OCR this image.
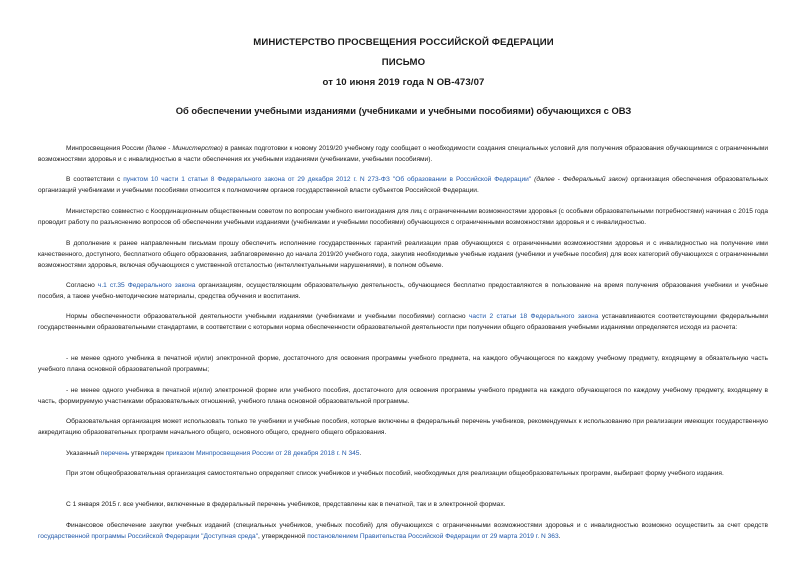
МИНИСТЕРСТВО ПРОСВЕЩЕНИЯ РОССИЙСКОЙ ФЕДЕРАЦИИ
ПИСЬМО
от 10 июня 2019 года N ОВ-473/07
Об обеспечении учебными изданиями (учебниками и учебными пособиями) обучающихся с ОВЗ

Минпросвещения России (далее - Министерство) в рамках подготовки к новому 2019/20 учебному году сообщает о необходимости создания специальных условий для получения образования обучающимися с ограниченными возможностями здоровья и с инвалидностью в части обеспечения их учебными изданиями (учебниками, учебными пособиями).

В соответствии с пунктом 10 части 1 статьи 8 Федерального закона от 29 декабря 2012 г. N 273-ФЗ "Об образовании в Российской Федерации" (далее - Федеральный закон) организация обеспечения образовательных организаций учебниками и учебными пособиями относится к полномочиям органов государственной власти субъектов Российской Федерации.

Министерство совместно с Координационным общественным советом по вопросам учебного книгоиздания для лиц с ограниченными возможностями здоровья (с особыми образовательными потребностями) начиная с 2015 года проводит работу по разъяснению вопросов об обеспечении учебными изданиями (учебниками и учебными пособиями) обучающихся с ограниченными возможностями здоровья и с инвалидностью.

В дополнение к ранее направленным письмам прошу обеспечить исполнение государственных гарантий реализации прав обучающихся с ограниченными возможностями здоровья и с инвалидностью на получение ими качественного, доступного, бесплатного общего образования, заблаговременно до начала 2019/20 учебного года, закупив необходимые учебные издания (учебники и учебные пособия) для всех категорий обучающихся с ограниченными возможностями здоровья, включая обучающихся с умственной отсталостью (интеллектуальными нарушениями), в полном объеме.

Согласно ч.1 ст.35 Федерального закона организациям, осуществляющим образовательную деятельность, обучающиеся бесплатно предоставляются в пользование на время получения образования учебники и учебные пособия, а также учебно-методические материалы, средства обучения и воспитания.

Нормы обеспеченности образовательной деятельности учебными изданиями (учебниками и учебными пособиями) согласно части 2 статьи 18 Федерального закона устанавливаются соответствующими федеральными государственными образовательными стандартами, в соответствии с которыми норма обеспеченности образовательной деятельности при получении общего образования учебными изданиями определяется исходя из расчета:

- не менее одного учебника в печатной и(или) электронной форме, достаточного для освоения программы учебного предмета, на каждого обучающегося по каждому учебному предмету, входящему в обязательную часть учебного плана основной образовательной программы;

- не менее одного учебника в печатной и(или) электронной форме или учебного пособия, достаточного для освоения программы учебного предмета на каждого обучающегося по каждому учебному предмету, входящему в часть, формируемую участниками образовательных отношений, учебного плана основной образовательной программы.

Образовательная организация может использовать только те учебники и учебные пособия, которые включены в федеральный перечень учебников, рекомендуемых к использованию при реализации имеющих государственную аккредитацию образовательных программ начального общего, основного общего, среднего общего образования.

Указанный перечень утвержден приказом Минпросвещения России от 28 декабря 2018 г. N 345.

При этом общеобразовательная организация самостоятельно определяет список учебников и учебных пособий, необходимых для реализации общеобразовательных программ, выбирает форму учебного издания.

С 1 января 2015 г. все учебники, включенные в федеральный перечень учебников, представлены как в печатной, так и в электронной формах.

Финансовое обеспечение закупки учебных изданий (специальных учебников, учебных пособий) для обучающихся с ограниченными возможностями здоровья и с инвалидностью возможно осуществить за счет средств государственной программы Российской Федерации "Доступная среда", утвержденной постановлением Правительства Российской Федерации от 29 марта 2019 г. N 363.
